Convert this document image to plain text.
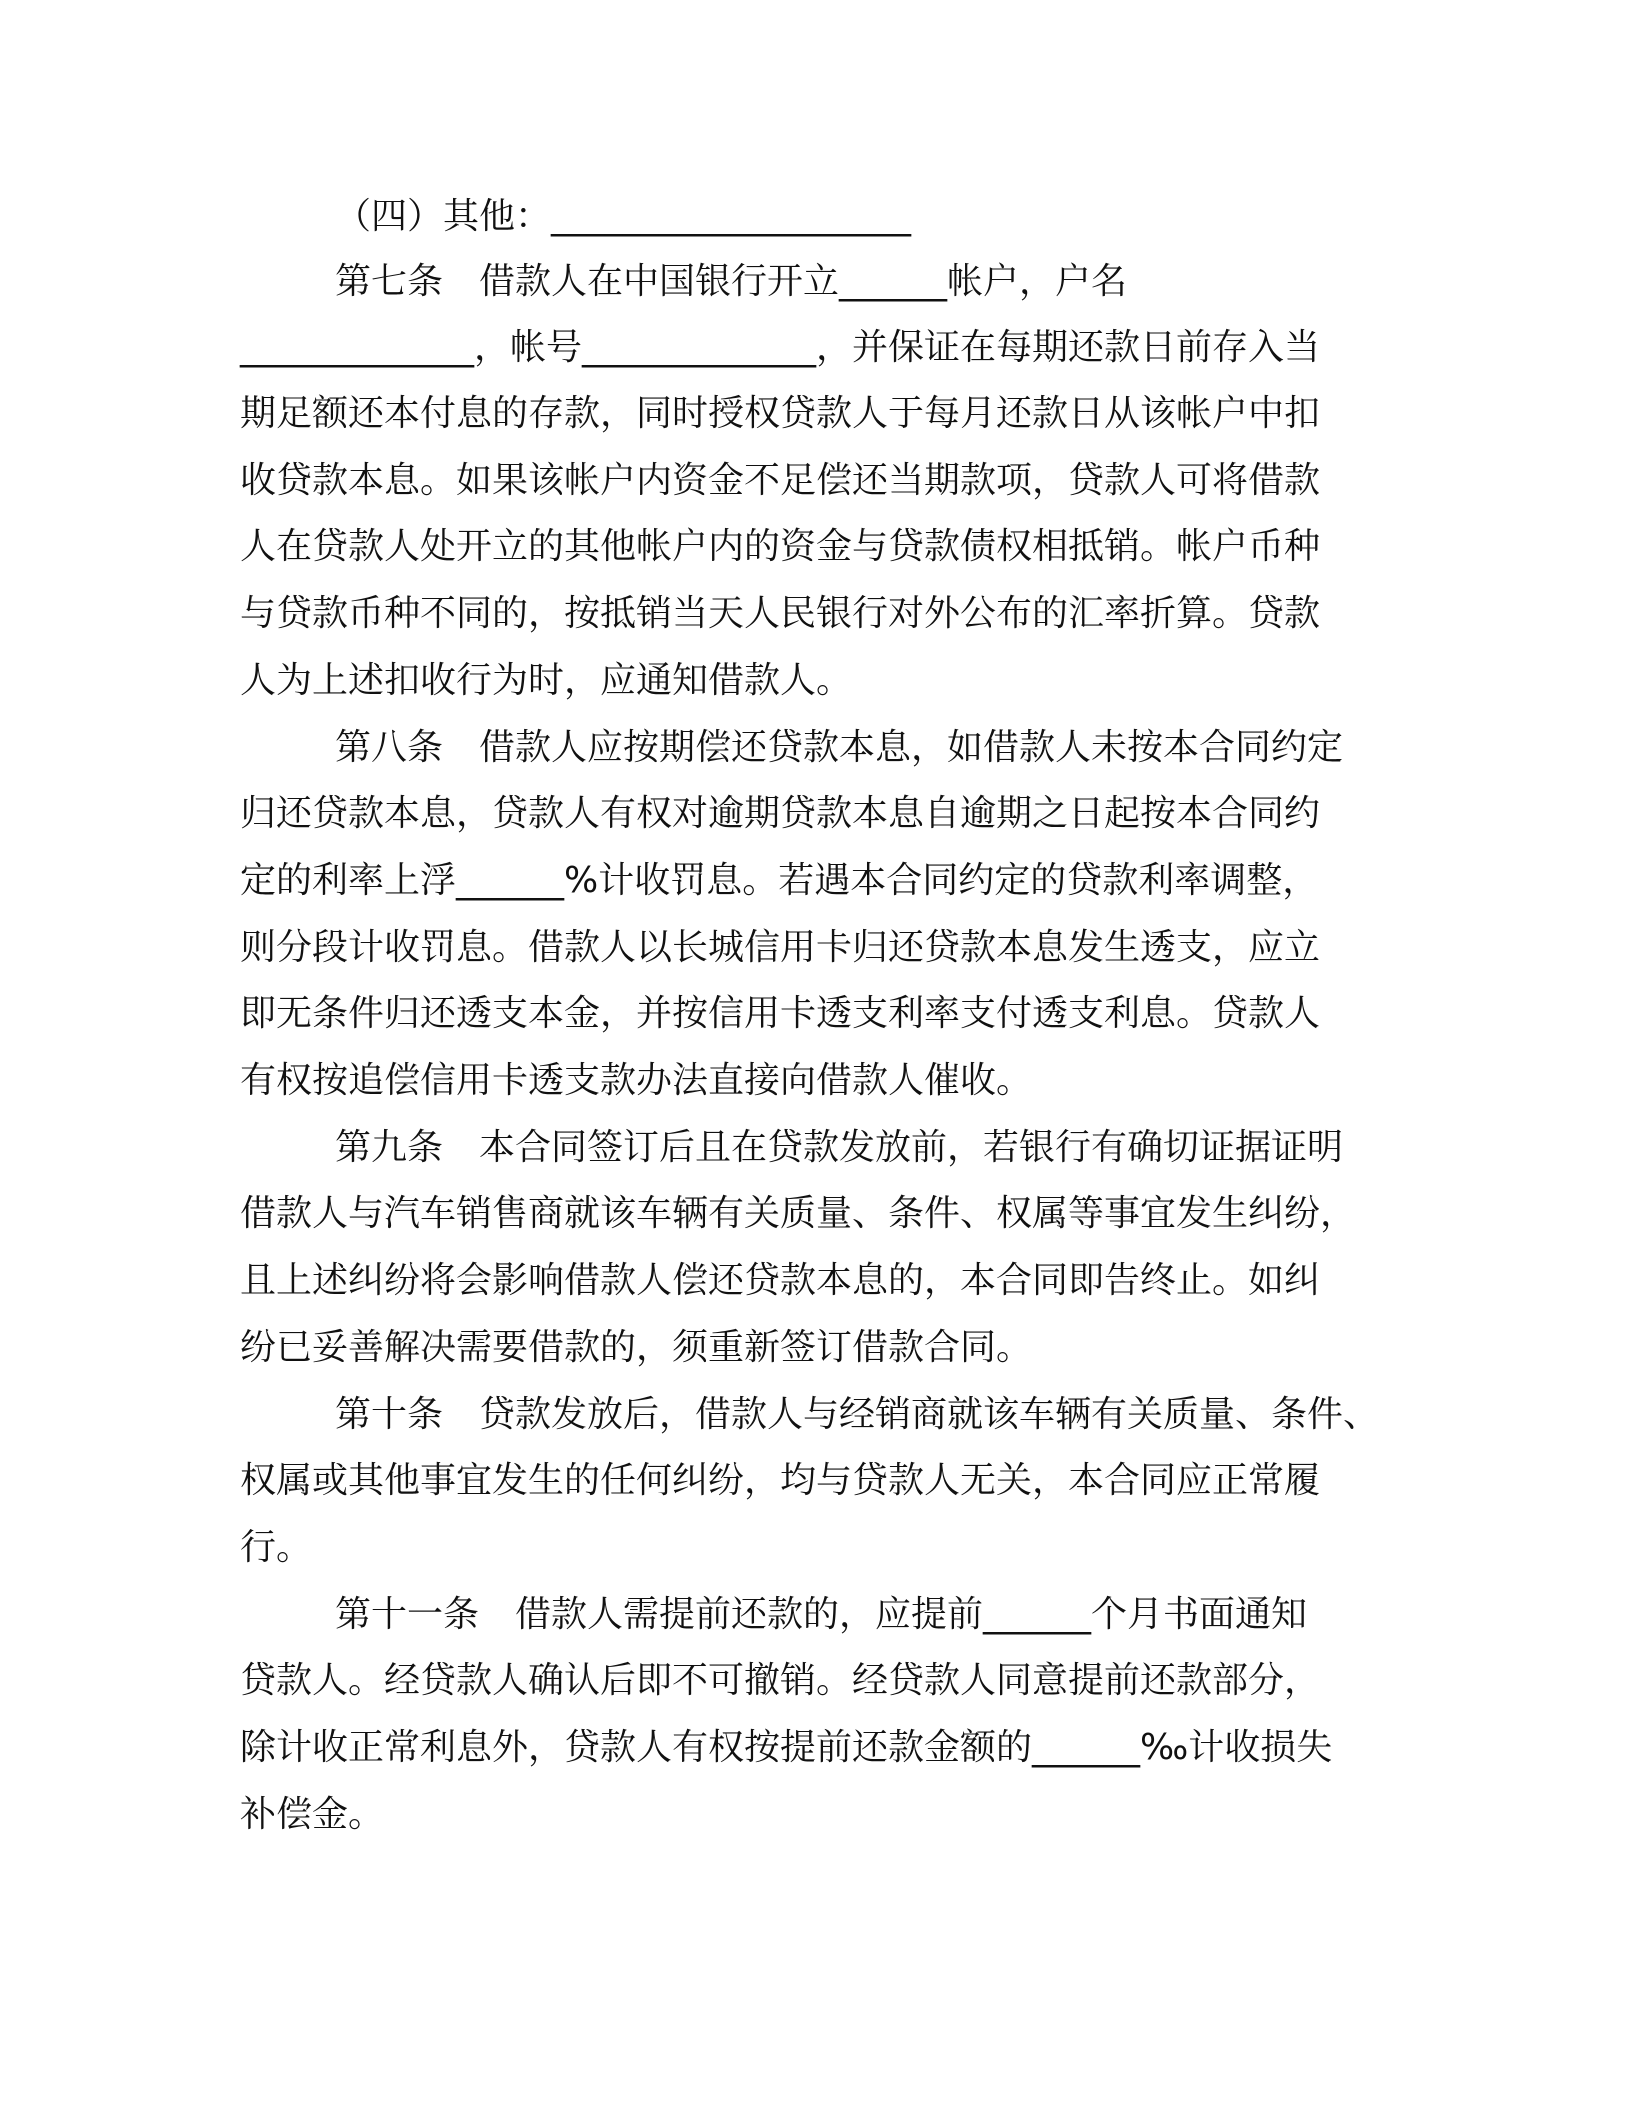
（四）其他：____________________
第七条　借款人在中国银行开立______帐户，户名
_____________，帐号_____________，并保证在每期还款日前存入当
期足额还本付息的存款，同时授权贷款人于每月还款日从该帐户中扣
收贷款本息。如果该帐户内资金不足偿还当期款项，贷款人可将借款
人在贷款人处开立的其他帐户内的资金与贷款债权相抵销。帐户币种
与贷款币种不同的，按抵销当天人民银行对外公布的汇率折算。贷款
人为上述扣收行为时，应通知借款人。
第八条　借款人应按期偿还贷款本息，如借款人未按本合同约定
归还贷款本息，贷款人有权对逾期贷款本息自逾期之日起按本合同约
定的利率上浮______%计收罚息。若遇本合同约定的贷款利率调整，
则分段计收罚息。借款人以长城信用卡归还贷款本息发生透支，应立
即无条件归还透支本金，并按信用卡透支利率支付透支利息。贷款人
有权按追偿信用卡透支款办法直接向借款人催收。
第九条　本合同签订后且在贷款发放前，若银行有确切证据证明
借款人与汽车销售商就该车辆有关质量、条件、权属等事宜发生纠纷，
且上述纠纷将会影响借款人偿还贷款本息的，本合同即告终止。如纠
纷已妥善解决需要借款的，须重新签订借款合同。
第十条　贷款发放后，借款人与经销商就该车辆有关质量、条件、
权属或其他事宜发生的任何纠纷，均与贷款人无关，本合同应正常履
行。
第十一条　借款人需提前还款的，应提前______个月书面通知
贷款人。经贷款人确认后即不可撤销。经贷款人同意提前还款部分，
除计收正常利息外，贷款人有权按提前还款金额的______‰计收损失
补偿金。
